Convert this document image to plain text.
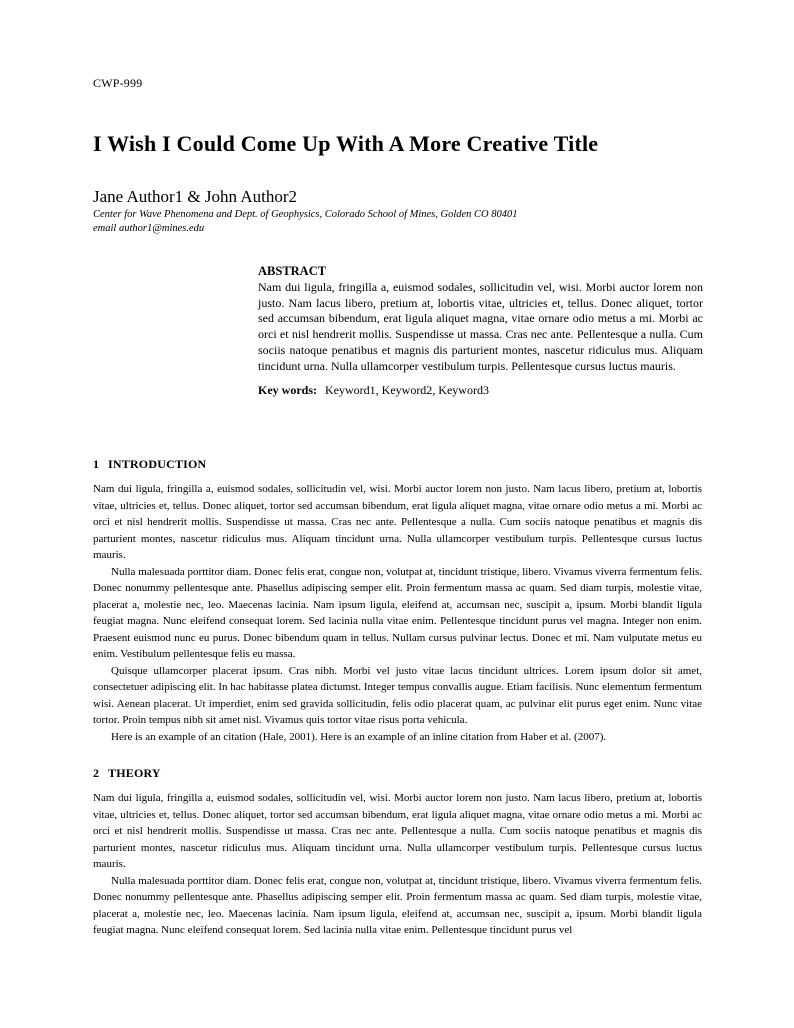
CWP-999
I Wish I Could Come Up With A More Creative Title
Jane Author1 & John Author2
Center for Wave Phenomena and Dept. of Geophysics, Colorado School of Mines, Golden CO 80401
email author1@mines.edu
ABSTRACT

Nam dui ligula, fringilla a, euismod sodales, sollicitudin vel, wisi. Morbi auctor lorem non justo. Nam lacus libero, pretium at, lobortis vitae, ultricies et, tellus. Donec aliquet, tortor sed accumsan bibendum, erat ligula aliquet magna, vitae ornare odio metus a mi. Morbi ac orci et nisl hendrerit mollis. Suspendisse ut massa. Cras nec ante. Pellentesque a nulla. Cum sociis natoque penatibus et magnis dis parturient montes, nascetur ridiculus mus. Aliquam tincidunt urna. Nulla ullamcorper vestibulum turpis. Pellentesque cursus luctus mauris.

Key words: Keyword1, Keyword2, Keyword3

1 INTRODUCTION

Nam dui ligula, fringilla a, euismod sodales, sollicitudin vel, wisi. Morbi auctor lorem non justo. Nam lacus libero, pretium at, lobortis vitae, ultricies et, tellus. Donec aliquet, tortor sed accumsan bibendum, erat ligula aliquet magna, vitae ornare odio metus a mi. Morbi ac orci et nisl hendrerit mollis. Suspendisse ut massa. Cras nec ante. Pellentesque a nulla. Cum sociis natoque penatibus et magnis dis parturient montes, nascetur ridiculus mus. Aliquam tincidunt urna. Nulla ullamcorper vestibulum turpis. Pellentesque cursus luctus mauris.

Nulla malesuada porttitor diam. Donec felis erat, congue non, volutpat at, tincidunt tristique, libero. Vivamus viverra fermentum felis. Donec nonummy pellentesque ante. Phasellus adipiscing semper elit. Proin fermentum massa ac quam. Sed diam turpis, molestie vitae, placerat a, molestie nec, leo. Maecenas lacinia. Nam ipsum ligula, eleifend at, accumsan nec, suscipit a, ipsum. Morbi blandit ligula feugiat magna. Nunc eleifend consequat lorem. Sed lacinia nulla vitae enim. Pellentesque tincidunt purus vel magna. Integer non enim. Praesent euismod nunc eu purus. Donec bibendum quam in tellus. Nullam cursus pulvinar lectus. Donec et mi. Nam vulputate metus eu enim. Vestibulum pellentesque felis eu massa.

Quisque ullamcorper placerat ipsum. Cras nibh. Morbi vel justo vitae lacus tincidunt ultrices. Lorem ipsum dolor sit amet, consectetuer adipiscing elit. In hac habitasse platea dictumst. Integer tempus convallis augue. Etiam facilisis. Nunc elementum fermentum wisi. Aenean placerat. Ut imperdiet, enim sed gravida sollicitudin, felis odio placerat quam, ac pulvinar elit purus eget enim. Nunc vitae tortor. Proin tempus nibh sit amet nisl. Vivamus quis tortor vitae risus porta vehicula.

Here is an example of an citation (Hale, 2001). Here is an example of an inline citation from Haber et al. (2007).

2 THEORY

Nam dui ligula, fringilla a, euismod sodales, sollicitudin vel, wisi. Morbi auctor lorem non justo. Nam lacus libero, pretium at, lobortis vitae, ultricies et, tellus. Donec aliquet, tortor sed accumsan bibendum, erat ligula aliquet magna, vitae ornare odio metus a mi. Morbi ac orci et nisl hendrerit mollis. Suspendisse ut massa. Cras nec ante. Pellentesque a nulla. Cum sociis natoque penatibus et magnis dis parturient montes, nascetur ridiculus mus. Aliquam tincidunt urna. Nulla ullamcorper vestibulum turpis. Pellentesque cursus luctus mauris.

Nulla malesuada porttitor diam. Donec felis erat, congue non, volutpat at, tincidunt tristique, libero. Vivamus viverra fermentum felis. Donec nonummy pellentesque ante. Phasellus adipiscing semper elit. Proin fermentum massa ac quam. Sed diam turpis, molestie vitae, placerat a, molestie nec, leo. Maecenas lacinia. Nam ipsum ligula, eleifend at, accumsan nec, suscipit a, ipsum. Morbi blandit ligula feugiat magna. Nunc eleifend consequat lorem. Sed lacinia nulla vitae enim. Pellentesque tincidunt purus vel
